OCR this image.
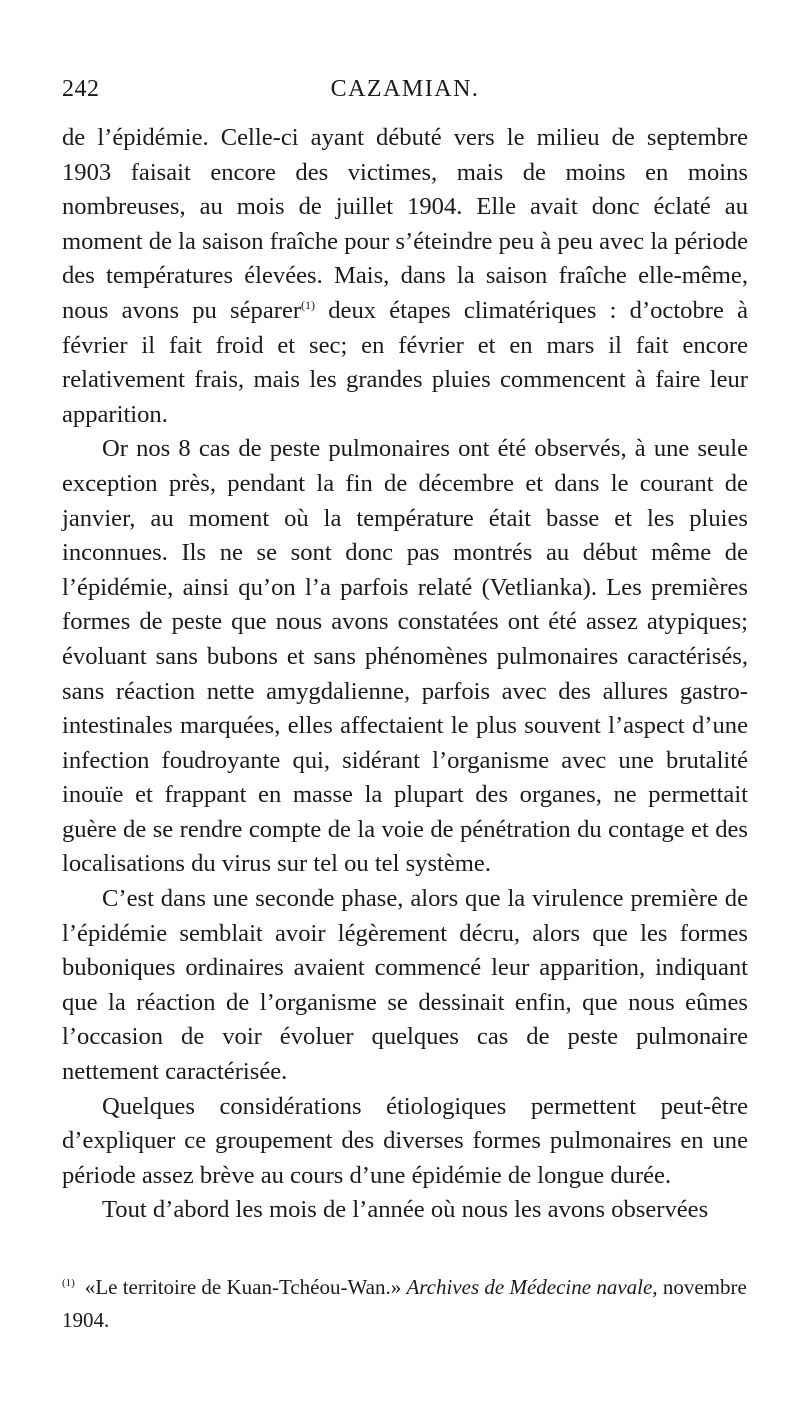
242	CAZAMIAN.

de l’épidémie. Celle-ci ayant débuté vers le milieu de septembre 1903 faisait encore des victimes, mais de moins en moins nombreuses, au mois de juillet 1904. Elle avait donc éclaté au moment de la saison fraîche pour s’éteindre peu à peu avec la période des températures élevées. Mais, dans la saison fraîche elle-même, nous avons pu séparer$^{(1)}$ deux étapes climatériques : d’octobre à février il fait froid et sec; en février et en mars il fait encore relativement frais, mais les grandes pluies commencent à faire leur apparition.

Or nos 8 cas de peste pulmonaires ont été observés, à une seule exception près, pendant la fin de décembre et dans le courant de janvier, au moment où la température était basse et les pluies inconnues. Ils ne se sont donc pas montrés au début même de l’épidémie, ainsi qu’on l’a parfois relaté (Vetlianka). Les premières formes de peste que nous avons constatées ont été assez atypiques; évoluant sans bubons et sans phénomènes pulmonaires caractérisés, sans réaction nette amygdalienne, parfois avec des allures gastro-intestinales marquées, elles affectaient le plus souvent l’aspect d’une infection foudroyante qui, sidérant l’organisme avec une brutalité inouïe et frappant en masse la plupart des organes, ne permettait guère de se rendre compte de la voie de pénétration du contage et des localisations du virus sur tel ou tel système.

C’est dans une seconde phase, alors que la virulence première de l’épidémie semblait avoir légèrement décru, alors que les formes buboniques ordinaires avaient commencé leur apparition, indiquant que la réaction de l’organisme se dessinait enfin, que nous eûmes l’occasion de voir évoluer quelques cas de peste pulmonaire nettement caractérisée.

Quelques considérations étiologiques permettent peut-être d’expliquer ce groupement des diverses formes pulmonaires en une période assez brève au cours d’une épidémie de longue durée.

Tout d’abord les mois de l’année où nous les avons observées

$^{(1)}$ «Le territoire de Kuan-Tchéou-Wan.» Archives de Médecine navale, novembre 1904.
